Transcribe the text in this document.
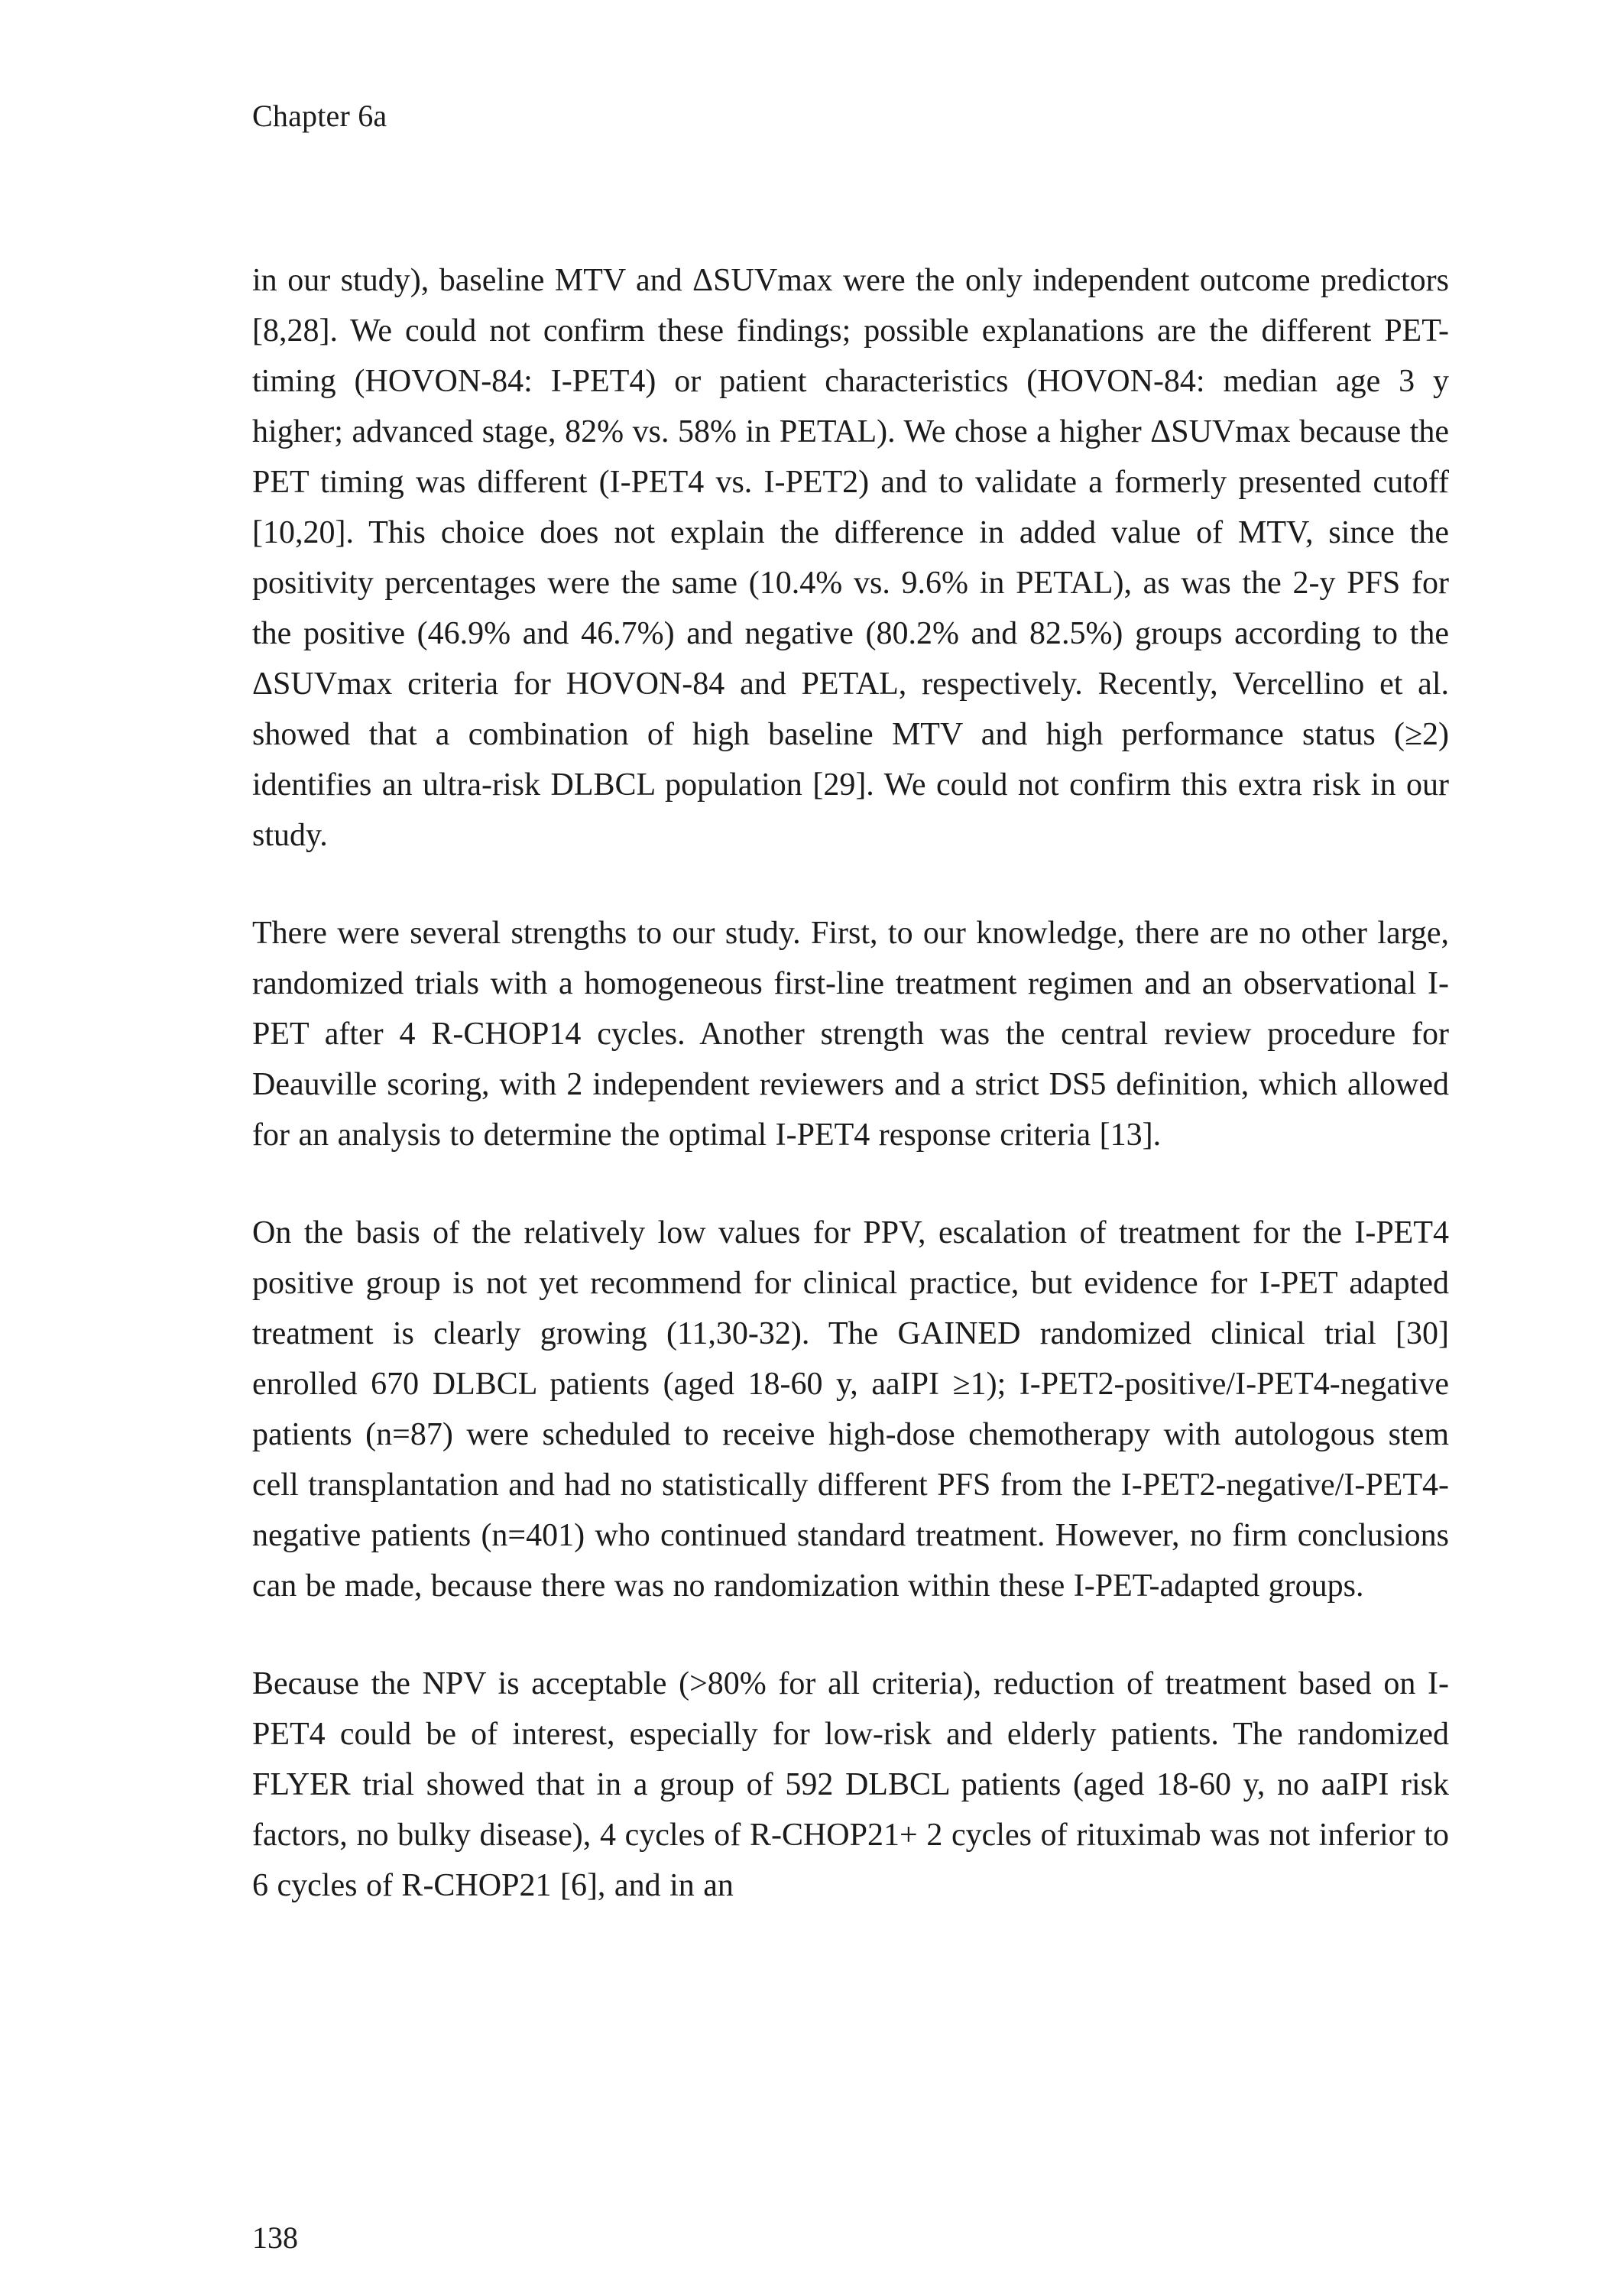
Chapter 6a

in our study), baseline MTV and ΔSUVmax were the only independent outcome predictors [8,28]. We could not confirm these findings; possible explanations are the different PET-timing (HOVON-84: I-PET4) or patient characteristics (HOVON-84: median age 3 y higher; advanced stage, 82% vs. 58% in PETAL). We chose a higher ΔSUVmax because the PET timing was different (I-PET4 vs. I-PET2) and to validate a formerly presented cutoff [10,20]. This choice does not explain the difference in added value of MTV, since the positivity percentages were the same (10.4% vs. 9.6% in PETAL), as was the 2-y PFS for the positive (46.9% and 46.7%) and negative (80.2% and 82.5%) groups according to the ΔSUVmax criteria for HOVON-84 and PETAL, respectively. Recently, Vercellino et al. showed that a combination of high baseline MTV and high performance status (≥2) identifies an ultra-risk DLBCL population [29]. We could not confirm this extra risk in our study.

There were several strengths to our study. First, to our knowledge, there are no other large, randomized trials with a homogeneous first-line treatment regimen and an observational I-PET after 4 R-CHOP14 cycles. Another strength was the central review procedure for Deauville scoring, with 2 independent reviewers and a strict DS5 definition, which allowed for an analysis to determine the optimal I-PET4 response criteria [13].

On the basis of the relatively low values for PPV, escalation of treatment for the I-PET4 positive group is not yet recommend for clinical practice, but evidence for I-PET adapted treatment is clearly growing (11,30-32). The GAINED randomized clinical trial [30] enrolled 670 DLBCL patients (aged 18-60 y, aaIPI ≥1); I-PET2-positive/I-PET4-negative patients (n=87) were scheduled to receive high-dose chemotherapy with autologous stem cell transplantation and had no statistically different PFS from the I-PET2-negative/I-PET4-negative patients (n=401) who continued standard treatment. However, no firm conclusions can be made, because there was no randomization within these I-PET-adapted groups.

Because the NPV is acceptable (>80% for all criteria), reduction of treatment based on I-PET4 could be of interest, especially for low-risk and elderly patients. The randomized FLYER trial showed that in a group of 592 DLBCL patients (aged 18-60 y, no aaIPI risk factors, no bulky disease), 4 cycles of R-CHOP21+ 2 cycles of rituximab was not inferior to 6 cycles of R-CHOP21 [6], and in an

138
